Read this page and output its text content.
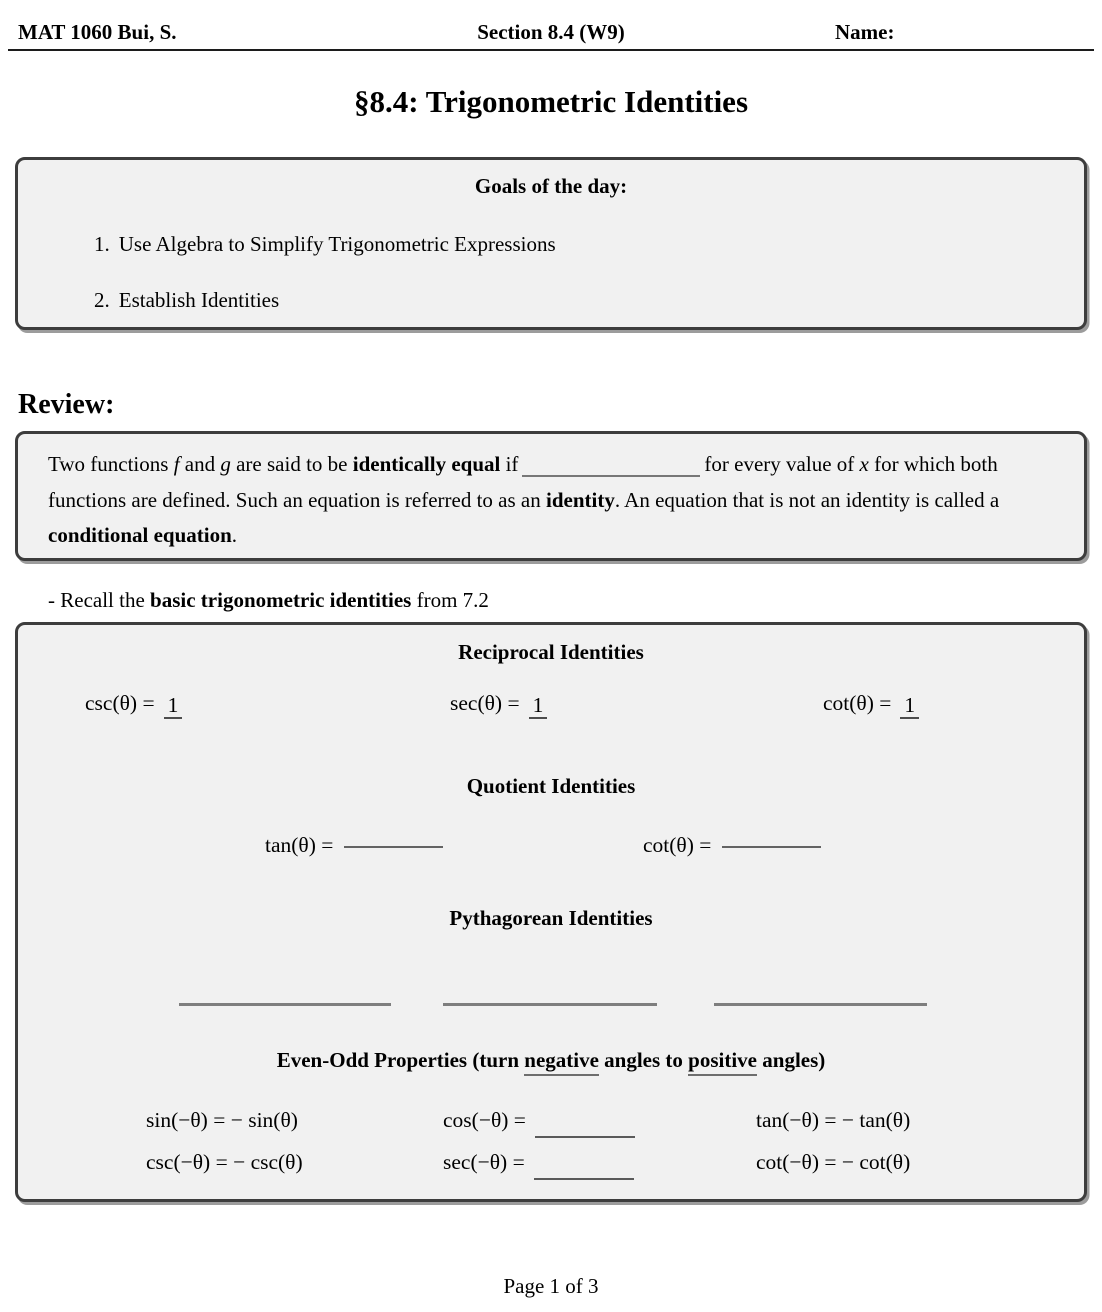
MAT 1060 Bui, S.	Section 8.4 (W9)	Name:
§8.4: Trigonometric Identities
Goals of the day:
1. Use Algebra to Simplify Trigonometric Expressions
2. Establish Identities
Review:
Two functions f and g are said to be identically equal if	for every value of x for which both functions are defined. Such an equation is referred to as an identity. An equation that is not an identity is called a conditional equation.
- Recall the basic trigonometric identities from 7.2
Reciprocal Identities
csc(θ) = 1	sec(θ) = 1	cot(θ) = 1
Quotient Identities
tan(θ) =	cot(θ) =
Pythagorean Identities
Even-Odd Properties (turn negative angles to positive angles)
sin(−θ) = − sin(θ)	cos(−θ) =	tan(−θ) = − tan(θ)
csc(−θ) = − csc(θ)	sec(−θ) =	cot(−θ) = − cot(θ)
Page 1 of 3
